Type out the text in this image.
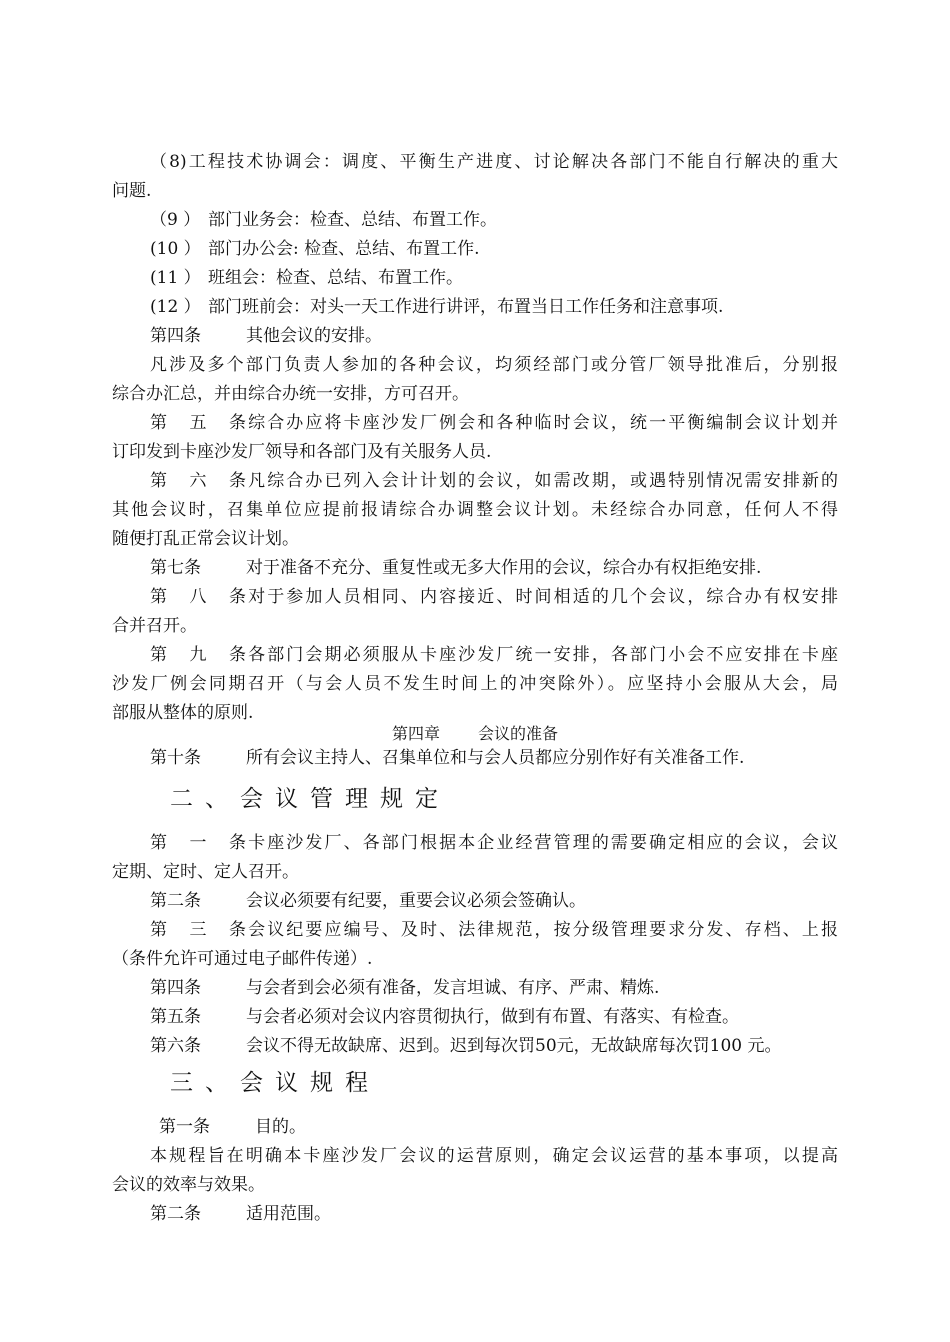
（8)工程技术协调会：调度、平衡生产进度、讨论解决各部门不能自行解决的重大
问题.
（9 ） 部门业务会：检查、总结、布置工作。
(10 ） 部门办公会: 检查、总结、布置工作.
(11 ） 班组会：检查、总结、布置工作。
(12 ） 部门班前会：对头一天工作进行讲评，布置当日工作任务和注意事项.
第四条	其他会议的安排。
凡涉及多个部门负责人参加的各种会议，均须经部门或分管厂领导批准后，分别报
综合办汇总，并由综合办统一安排，方可召开。
第五条综合办应将卡座沙发厂例会和各种临时会议，统一平衡编制会议计划并
订印发到卡座沙发厂领导和各部门及有关服务人员.
第六条凡综合办已列入会计计划的会议，如需改期，或遇特别情况需安排新的
其他会议时，召集单位应提前报请综合办调整会议计划。未经综合办同意，任何人不得
随便打乱正常会议计划。
第七条	对于准备不充分、重复性或无多大作用的会议，综合办有权拒绝安排.
第八条对于参加人员相同、内容接近、时间相适的几个会议，综合办有权安排
合并召开。
第九条各部门会期必须服从卡座沙发厂统一安排，各部门小会不应安排在卡座
沙发厂例会同期召开（与会人员不发生时间上的冲突除外）。应坚持小会服从大会，局
部服从整体的原则.
第四章 会议的准备
第十条	所有会议主持人、召集单位和与会人员都应分别作好有关准备工作.
二、会议管理规定
第一条卡座沙发厂、各部门根据本企业经营管理的需要确定相应的会议，会议
定期、定时、定人召开。
第二条	会议必须要有纪要，重要会议必须会签确认。
第三条会议纪要应编号、及时、法律规范，按分级管理要求分发、存档、上报
（条件允许可通过电子邮件传递）.
第四条	与会者到会必须有准备，发言坦诚、有序、严肃、精炼.
第五条	与会者必须对会议内容贯彻执行，做到有布置、有落实、有检查。
第六条	会议不得无故缺席、迟到。迟到每次罚50元，无故缺席每次罚100 元。
三、会议规程
第一条	目的。
本规程旨在明确本卡座沙发厂会议的运营原则，确定会议运营的基本事项，以提高
会议的效率与效果。
第二条	适用范围。
